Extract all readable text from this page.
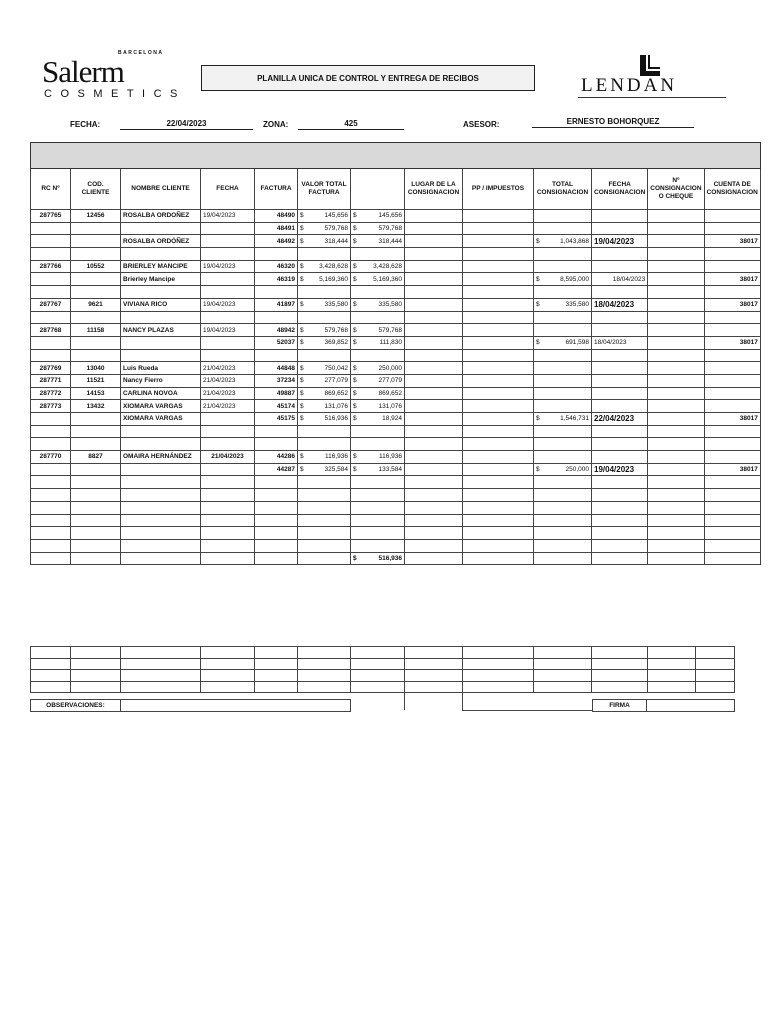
BARCELONA
Salerm
COSMETICS
PLANILLA UNICA DE CONTROL Y ENTREGA DE RECIBOS	LENDAN
FECHA:	22/04/2023	ZONA:	425	ASESOR:	ERNESTO BOHORQUEZ

RC Nº	COD. CLIENTE	NOMBRE CLIENTE	FECHA	FACTURA	VALOR TOTAL FACTURA		LUGAR DE LA CONSIGNACION	PP / IMPUESTOS	TOTAL CONSIGNACION	FECHA CONSIGNACION	Nº CONSIGNACION O CHEQUE	CUENTA DE CONSIGNACION
287765	12456	ROSALBA ORDOÑEZ	19/04/2023	48490	$ 145,656	$ 145,656						

				48491	$ 579,768	$ 579,768						

		ROSALBA ORDÓÑEZ		48492	$ 318,444	$ 318,444			$ 1,043,868	19/04/2023		38017

287766	10552	BRIERLEY MANCIPE	19/04/2023	46320	$ 3,428,628	$ 3,428,628						

		Brierley Mancipe		46319	$ 5,169,360	$ 5,169,360			$ 8,595,000	18/04/2023		38017

287767	9621	VIVIANA RICO	19/04/2023	41897	$ 335,580	$ 335,580			$ 335,580	18/04/2023		38017

287768	11158	NANCY PLAZAS	19/04/2023	48942	$ 579,768	$ 579,768						

				52037	$ 369,852	$ 111,830			$ 691,598	18/04/2023		38017

287769	13040	Luis Rueda	21/04/2023	44848	$ 750,042	$ 250,000						

287771	11521	Nancy Fierro	21/04/2023	37234	$ 277,079	$ 277,079						

287772	14153	CARLINA NOVOA	21/04/2023	49887	$ 869,652	$ 869,652						

287773	13432	XIOMARA VARGAS	21/04/2023	45174	$ 131,076	$ 131,076						

		XIOMARA VARGAS		45175	$ 516,936	$ 18,924			$ 1,546,731	22/04/2023		38017

287770	8827	OMAIRA HERNÁNDEZ	21/04/2023	44286	$ 116,936	$ 116,936						

				44287	$ 325,584	$ 133,584			$ 250,000	19/04/2023		38017

						$ 516,936						

OBSERVACIONES:	FIRMA
